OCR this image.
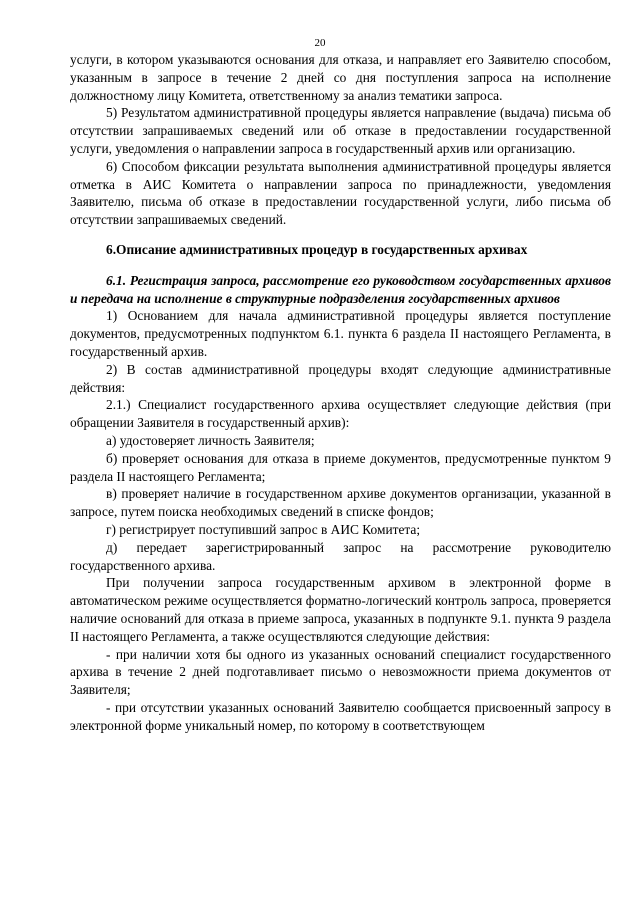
20

услуги, в котором указываются основания для отказа, и направляет его Заявителю способом, указанным в запросе в течение 2 дней со дня поступления запроса на исполнение должностному лицу Комитета, ответственному за анализ тематики запроса.

5) Результатом административной процедуры является направление (выдача) письма об отсутствии запрашиваемых сведений или об отказе в предоставлении государственной услуги, уведомления о направлении запроса в государственный архив или организацию.

6) Способом фиксации результата выполнения административной процедуры является отметка в АИС Комитета о направлении запроса по принадлежности, уведомления Заявителю, письма об отказе в предоставлении государственной услуги, либо письма об отсутствии запрашиваемых сведений.

6.Описание административных процедур в государственных архивах

6.1. Регистрация запроса, рассмотрение его руководством государственных архивов и передача на исполнение в структурные подразделения государственных архивов

1) Основанием для начала административной процедуры является поступление документов, предусмотренных подпунктом 6.1. пункта 6 раздела II настоящего Регламента, в государственный архив.

2) В состав административной процедуры входят следующие административные действия:

2.1.) Специалист государственного архива осуществляет следующие действия (при обращении Заявителя в государственный архив):

а) удостоверяет личность Заявителя;

б) проверяет основания для отказа в приеме документов, предусмотренные пунктом 9 раздела II настоящего Регламента;

в) проверяет наличие в государственном архиве документов организации, указанной в запросе, путем поиска необходимых сведений в списке фондов;

г) регистрирует поступивший запрос в АИС Комитета;

д) передает зарегистрированный запрос на рассмотрение руководителю государственного архива.

При получении запроса государственным архивом в электронной форме в автоматическом режиме осуществляется форматно-логический контроль запроса, проверяется наличие оснований для отказа в приеме запроса, указанных в подпункте 9.1. пункта 9 раздела II настоящего Регламента, а также осуществляются следующие действия:

- при наличии хотя бы одного из указанных оснований специалист государственного архива в течение 2 дней подготавливает письмо о невозможности приема документов от Заявителя;

- при отсутствии указанных оснований Заявителю сообщается присвоенный запросу в электронной форме уникальный номер, по которому в соответствующем
